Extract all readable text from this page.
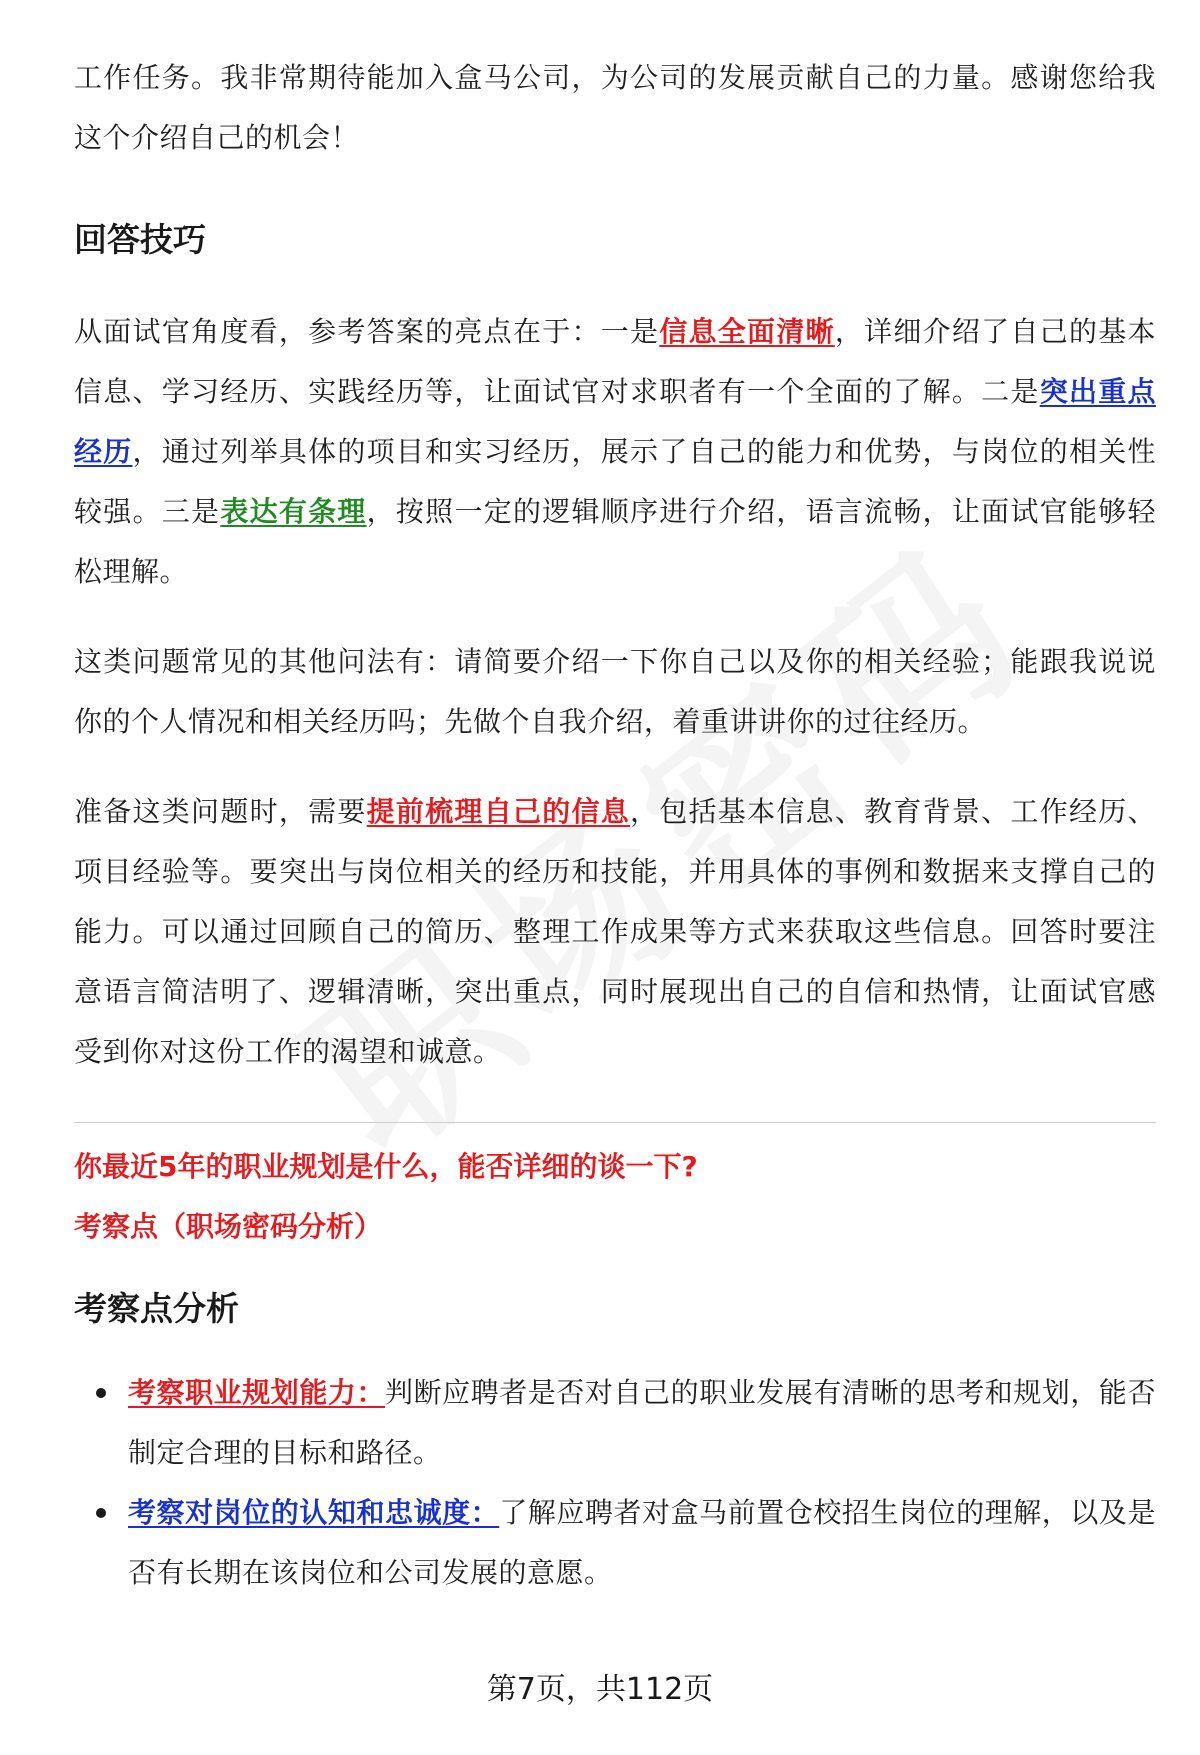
工作任务。我非常期待能加入盒马公司，为公司的发展贡献自己的力量。感谢您给我这个介绍自己的机会！

回答技巧

从面试官角度看，参考答案的亮点在于：一是信息全面清晰，详细介绍了自己的基本信息、学习经历、实践经历等，让面试官对求职者有一个全面的了解。二是突出重点经历，通过列举具体的项目和实习经历，展示了自己的能力和优势，与岗位的相关性较强。三是表达有条理，按照一定的逻辑顺序进行介绍，语言流畅，让面试官能够轻松理解。

这类问题常见的其他问法有：请简要介绍一下你自己以及你的相关经验；能跟我说说你的个人情况和相关经历吗；先做个自我介绍，着重讲讲你的过往经历。

准备这类问题时，需要提前梳理自己的信息，包括基本信息、教育背景、工作经历、项目经验等。要突出与岗位相关的经历和技能，并用具体的事例和数据来支撑自己的能力。可以通过回顾自己的简历、整理工作成果等方式来获取这些信息。回答时要注意语言简洁明了、逻辑清晰，突出重点，同时展现出自己的自信和热情，让面试官感受到你对这份工作的渴望和诚意。

你最近5年的职业规划是什么，能否详细的谈一下?

考察点（职场密码分析）

考察点分析
考察职业规划能力：判断应聘者是否对自己的职业发展有清晰的思考和规划，能否制定合理的目标和路径。
考察对岗位的认知和忠诚度：了解应聘者对盒马前置仓校招生岗位的理解，以及是否有长期在该岗位和公司发展的意愿。
第7页，共112页
